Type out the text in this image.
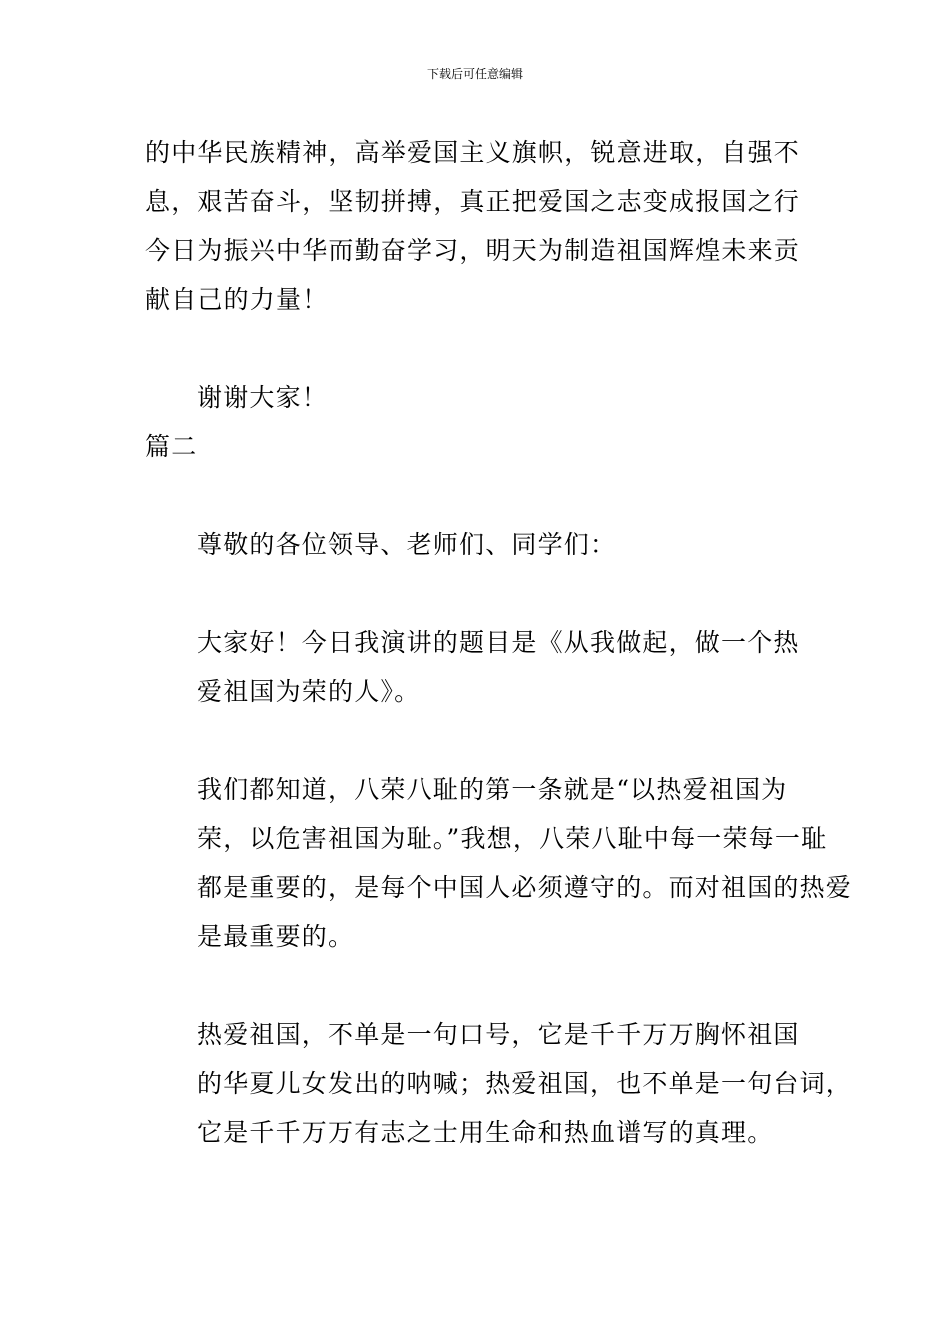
下载后可任意编辑

的中华民族精神，高举爱国主义旗帜，锐意进取，自强不
息，艰苦奋斗，坚韧拼搏，真正把爱国之志变成报国之行
今日为振兴中华而勤奋学习，明天为制造祖国辉煌未来贡
献自己的力量！

谢谢大家！

篇二

尊敬的各位领导、老师们、同学们：

大家好！今日我演讲的题目是《从我做起，做一个热
爱祖国为荣的人》。

我们都知道，八荣八耻的第一条就是“以热爱祖国为
荣，以危害祖国为耻。”我想，八荣八耻中每一荣每一耻
都是重要的，是每个中国人必须遵守的。而对祖国的热爱
是最重要的。

热爱祖国，不单是一句口号，它是千千万万胸怀祖国
的华夏儿女发出的呐喊；热爱祖国，也不单是一句台词，
它是千千万万有志之士用生命和热血谱写的真理。
